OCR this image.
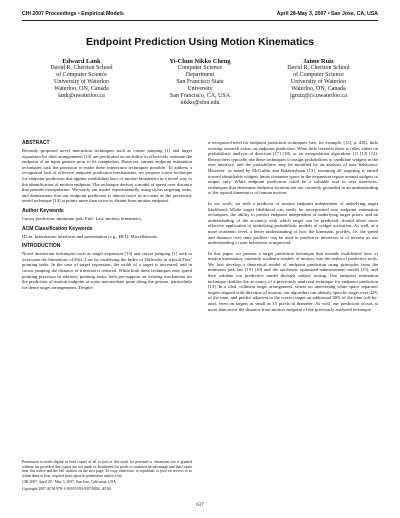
CHI 2007 Proceedings • Empirical Models	April 28-May 3, 2007 • San Jose, CA, USA
Endpoint Prediction Using Motion Kinematics
Edward Lank
David R. Cheriton School
of Computer Science
University of Waterloo
Waterloo, ON, Canada
lank@uwaterloo.ca
Yi-Chun Nikko Cheng
Computer Science
Department
San Francisco State
University
San Francisco, CA, USA
nikko@sfsu.edu
Jaime Ruiz
David R. Cheriton School
of Computer Science
University of Waterloo
Waterloo, ON, Canada
jgruiz@cs.uwaterloo.ca
ABSTRACT

Recently proposed novel interaction techniques such as cursor jumping [1] and target expansion for tiled arrangements [13] are predicated on an ability to effectively estimate the endpoint of an input gesture prior to its completion. However, current endpoint estimation techniques lack the precision to make these interaction techniques possible. To address a recognized lack of effective endpoint prediction mechanisms, we propose a new technique for endpoint prediction that applies established laws of motion kinematics in a novel way to the identification of motion endpoint. The technique derives a model of speed over distance that permits extrapolation. We verify our model experimentally using stylus targeting tasks, and demonstrate that our endpoint prediction is almost twice as accurate as the previously tested technique [13] at points more than twice as distant from motion endpoint.

Author Keywords

Cursor prediction, minimum jerk, Fitts’ Law, motion, kinematics.

ACM Classification Keywords

H5.m. Information interfaces and presentation (e.g., HCI): Miscellaneous.

INTRODUCTION

Novel interaction techniques such as target expansion [13] and cursor jumping [1] seek to overcome the limitations of Fitts’ Law by modifying the Index of Difficulty in typical Fitts’ pointing tasks. In the case of target expansion, the width of a target is increased, and in cursor jumping the distance of traversal is reduced. While both these techniques may speed pointing precision in arbitrary pointing tasks, both pre-suppose an existing mechanism for the prediction of motion endpoint at some intermediate point along the gesture, particularly for dense target arrangements. Despite

a recognized need for endpoint prediction techniques (see, for example, [13], p. 418), little existing research exists on endpoint prediction. What little research there is relies either on probabilistic analysis of direction [17] [18], or on extrapolation algorithms [1] [13] [12]. Researchers typically use these techniques to assign probabilities to candidate widgets in the user interface, and the probabilities may be modified by an analysis of user behaviour. However, as noted by McGuffin and Balakrishnan [13], assuming all targeting is aimed toward identifiable widgets limits container space in the expansion region around widgets to output only. While endpoint prediction could be a valuable tool in user interfaces, techniques that determine endpoint location are not currently grounded in an understanding of the typical kinematics of human motion.

In our work, we seek a predictor of motion endpoint independent of underlying target likelihood. While target likelihood can easily be incorporated into endpoint estimation techniques, the ability to predict endpoint independent of underlying target priors, and an understanding of the accuracy with which target can be predicted, should allow more effective application of underlying probabilistic models of widget activation. As well, at a more academic level, a better understanding of how the kinematic profiles, i.e. the speed and distance over time profiles, can be used in predictive interfaces is of interest as our understanding of user behaviour is improved.

In this paper, we present a target prediction technique that extends established laws of motion kinematics, currently academic models of motion, into the realm of predictive tools. We first develop a theoretical model of endpoint prediction using principles from the minimum jerk law [19] [10] and the stochastic optimized-submovement model [15], and then validate our predictive model through subject testing. Our endpoint estimation technique doubles the accuracy of a previously analyzed technique for endpoint prediction [13]. In a tiled, collinear target arrangement, where no intervening white space separates targets aligned with direction of motion, our algorithm can identify specific target over 42% of the time, and predict adjacent to the correct target an additional 39% of the time (off-by-one), even on targets as small as 15 pixels in diameter. As well, our prediction occurs at more than twice the distance from motion endpoint of the previously analyzed technique.

Permission to make digital or hard copies of all or part of this work for personal or classroom use is granted without fee provided that copies are not made or distributed for profit or commercial advantage and that copies bear this notice and the full citation on the first page. To copy otherwise, or republish, to post on servers or to redistribute to lists, requires prior specific permission and/or a fee.

CHI 2007, April 28 - May 3, 2007, San Jose, California, USA.

Copyright 2007 ACM 978-1-59593-593-9/07/0004...$5.00.

637
